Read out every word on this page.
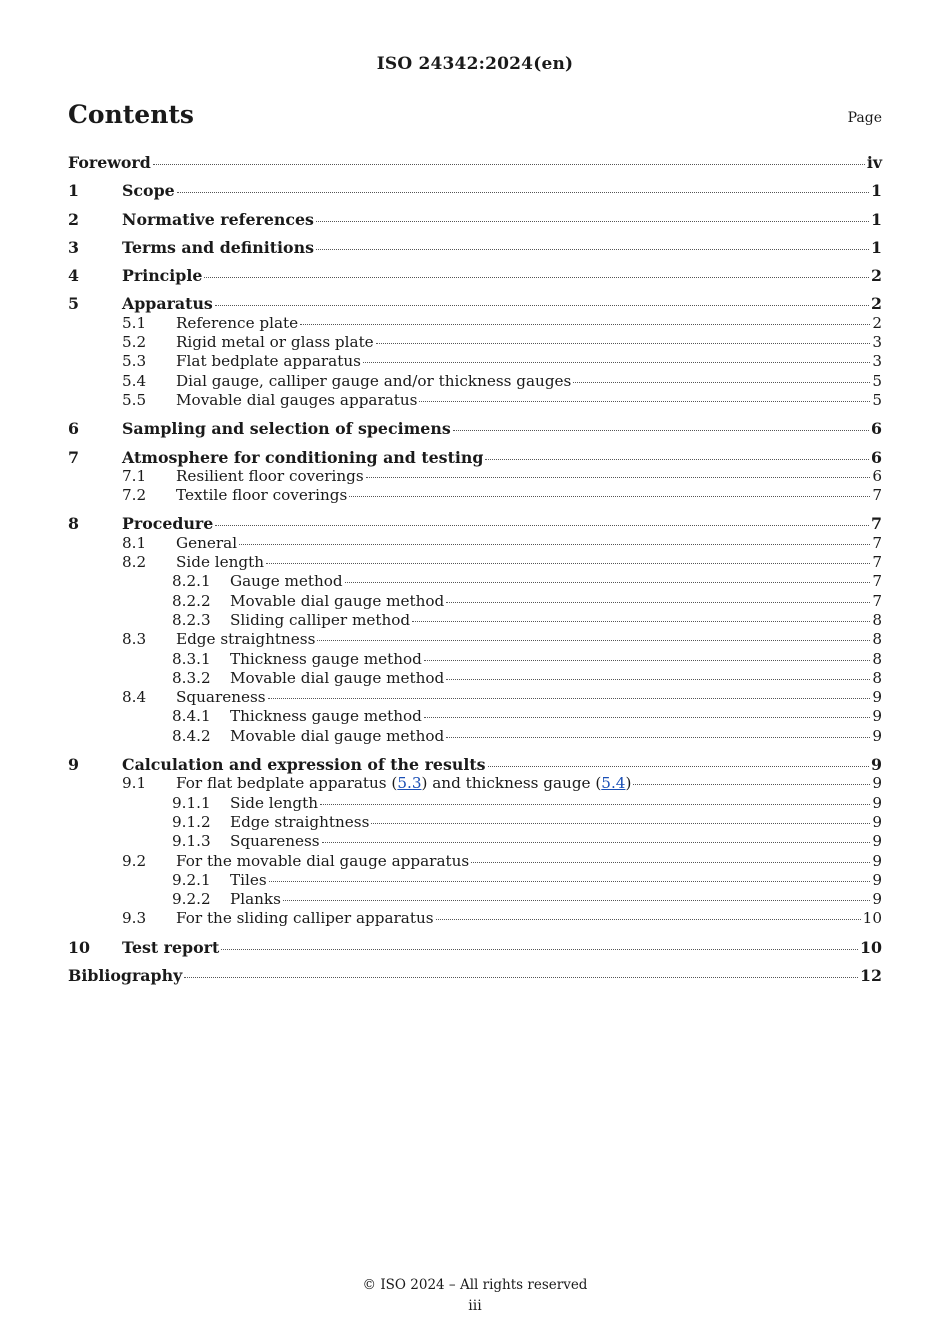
ISO 24342:2024(en)
Contents	Page
Foreword	iv
1	Scope	1
2	Normative references	1
3	Terms and definitions	1
4	Principle	2
5	Apparatus	2
5.1	Reference plate	2
5.2	Rigid metal or glass plate	3
5.3	Flat bedplate apparatus	3
5.4	Dial gauge, calliper gauge and/or thickness gauges	5
5.5	Movable dial gauges apparatus	5
6	Sampling and selection of specimens	6
7	Atmosphere for conditioning and testing	6
7.1	Resilient floor coverings	6
7.2	Textile floor coverings	7
8	Procedure	7
8.1	General	7
8.2	Side length	7
8.2.1	Gauge method	7
8.2.2	Movable dial gauge method	7
8.2.3	Sliding calliper method	8
8.3	Edge straightness	8
8.3.1	Thickness gauge method	8
8.3.2	Movable dial gauge method	8
8.4	Squareness	9
8.4.1	Thickness gauge method	9
8.4.2	Movable dial gauge method	9
9	Calculation and expression of the results	9
9.1	For flat bedplate apparatus (5.3) and thickness gauge (5.4)	9
9.1.1	Side length	9
9.1.2	Edge straightness	9
9.1.3	Squareness	9
9.2	For the movable dial gauge apparatus	9
9.2.1	Tiles	9
9.2.2	Planks	9
9.3	For the sliding calliper apparatus	10
10	Test report	10
Bibliography	12
© ISO 2024 – All rights reserved
iii
